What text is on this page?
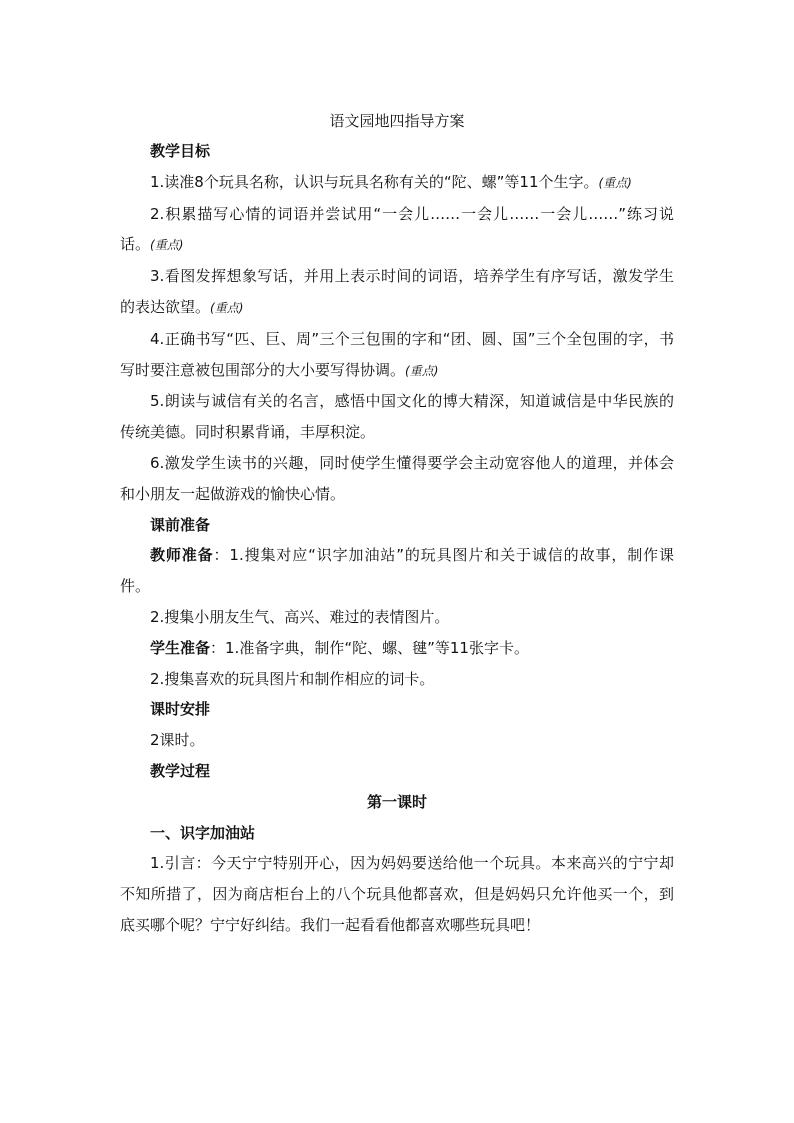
语文园地四指导方案

教学目标

1.读准8个玩具名称，认识与玩具名称有关的“陀、螺”等11个生字。(重点)

2.积累描写心情的词语并尝试用“一会儿……一会儿……一会儿……”练习说话。(重点)

3.看图发挥想象写话，并用上表示时间的词语，培养学生有序写话，激发学生的表达欲望。(重点)

4.正确书写“匹、巨、周”三个三包围的字和“团、圆、国”三个全包围的字，书写时要注意被包围部分的大小要写得协调。(重点)

5.朗读与诚信有关的名言，感悟中国文化的博大精深，知道诚信是中华民族的传统美德。同时积累背诵，丰厚积淀。

6.激发学生读书的兴趣，同时使学生懂得要学会主动宽容他人的道理，并体会和小朋友一起做游戏的愉快心情。

课前准备

教师准备：1.搜集对应“识字加油站”的玩具图片和关于诚信的故事，制作课件。

2.搜集小朋友生气、高兴、难过的表情图片。

学生准备：1.准备字典，制作“陀、螺、毽”等11张字卡。

2.搜集喜欢的玩具图片和制作相应的词卡。

课时安排

2课时。

教学过程

第一课时

一、识字加油站

1.引言：今天宁宁特别开心，因为妈妈要送给他一个玩具。本来高兴的宁宁却不知所措了，因为商店柜台上的八个玩具他都喜欢，但是妈妈只允许他买一个，到底买哪个呢？宁宁好纠结。我们一起看看他都喜欢哪些玩具吧！
